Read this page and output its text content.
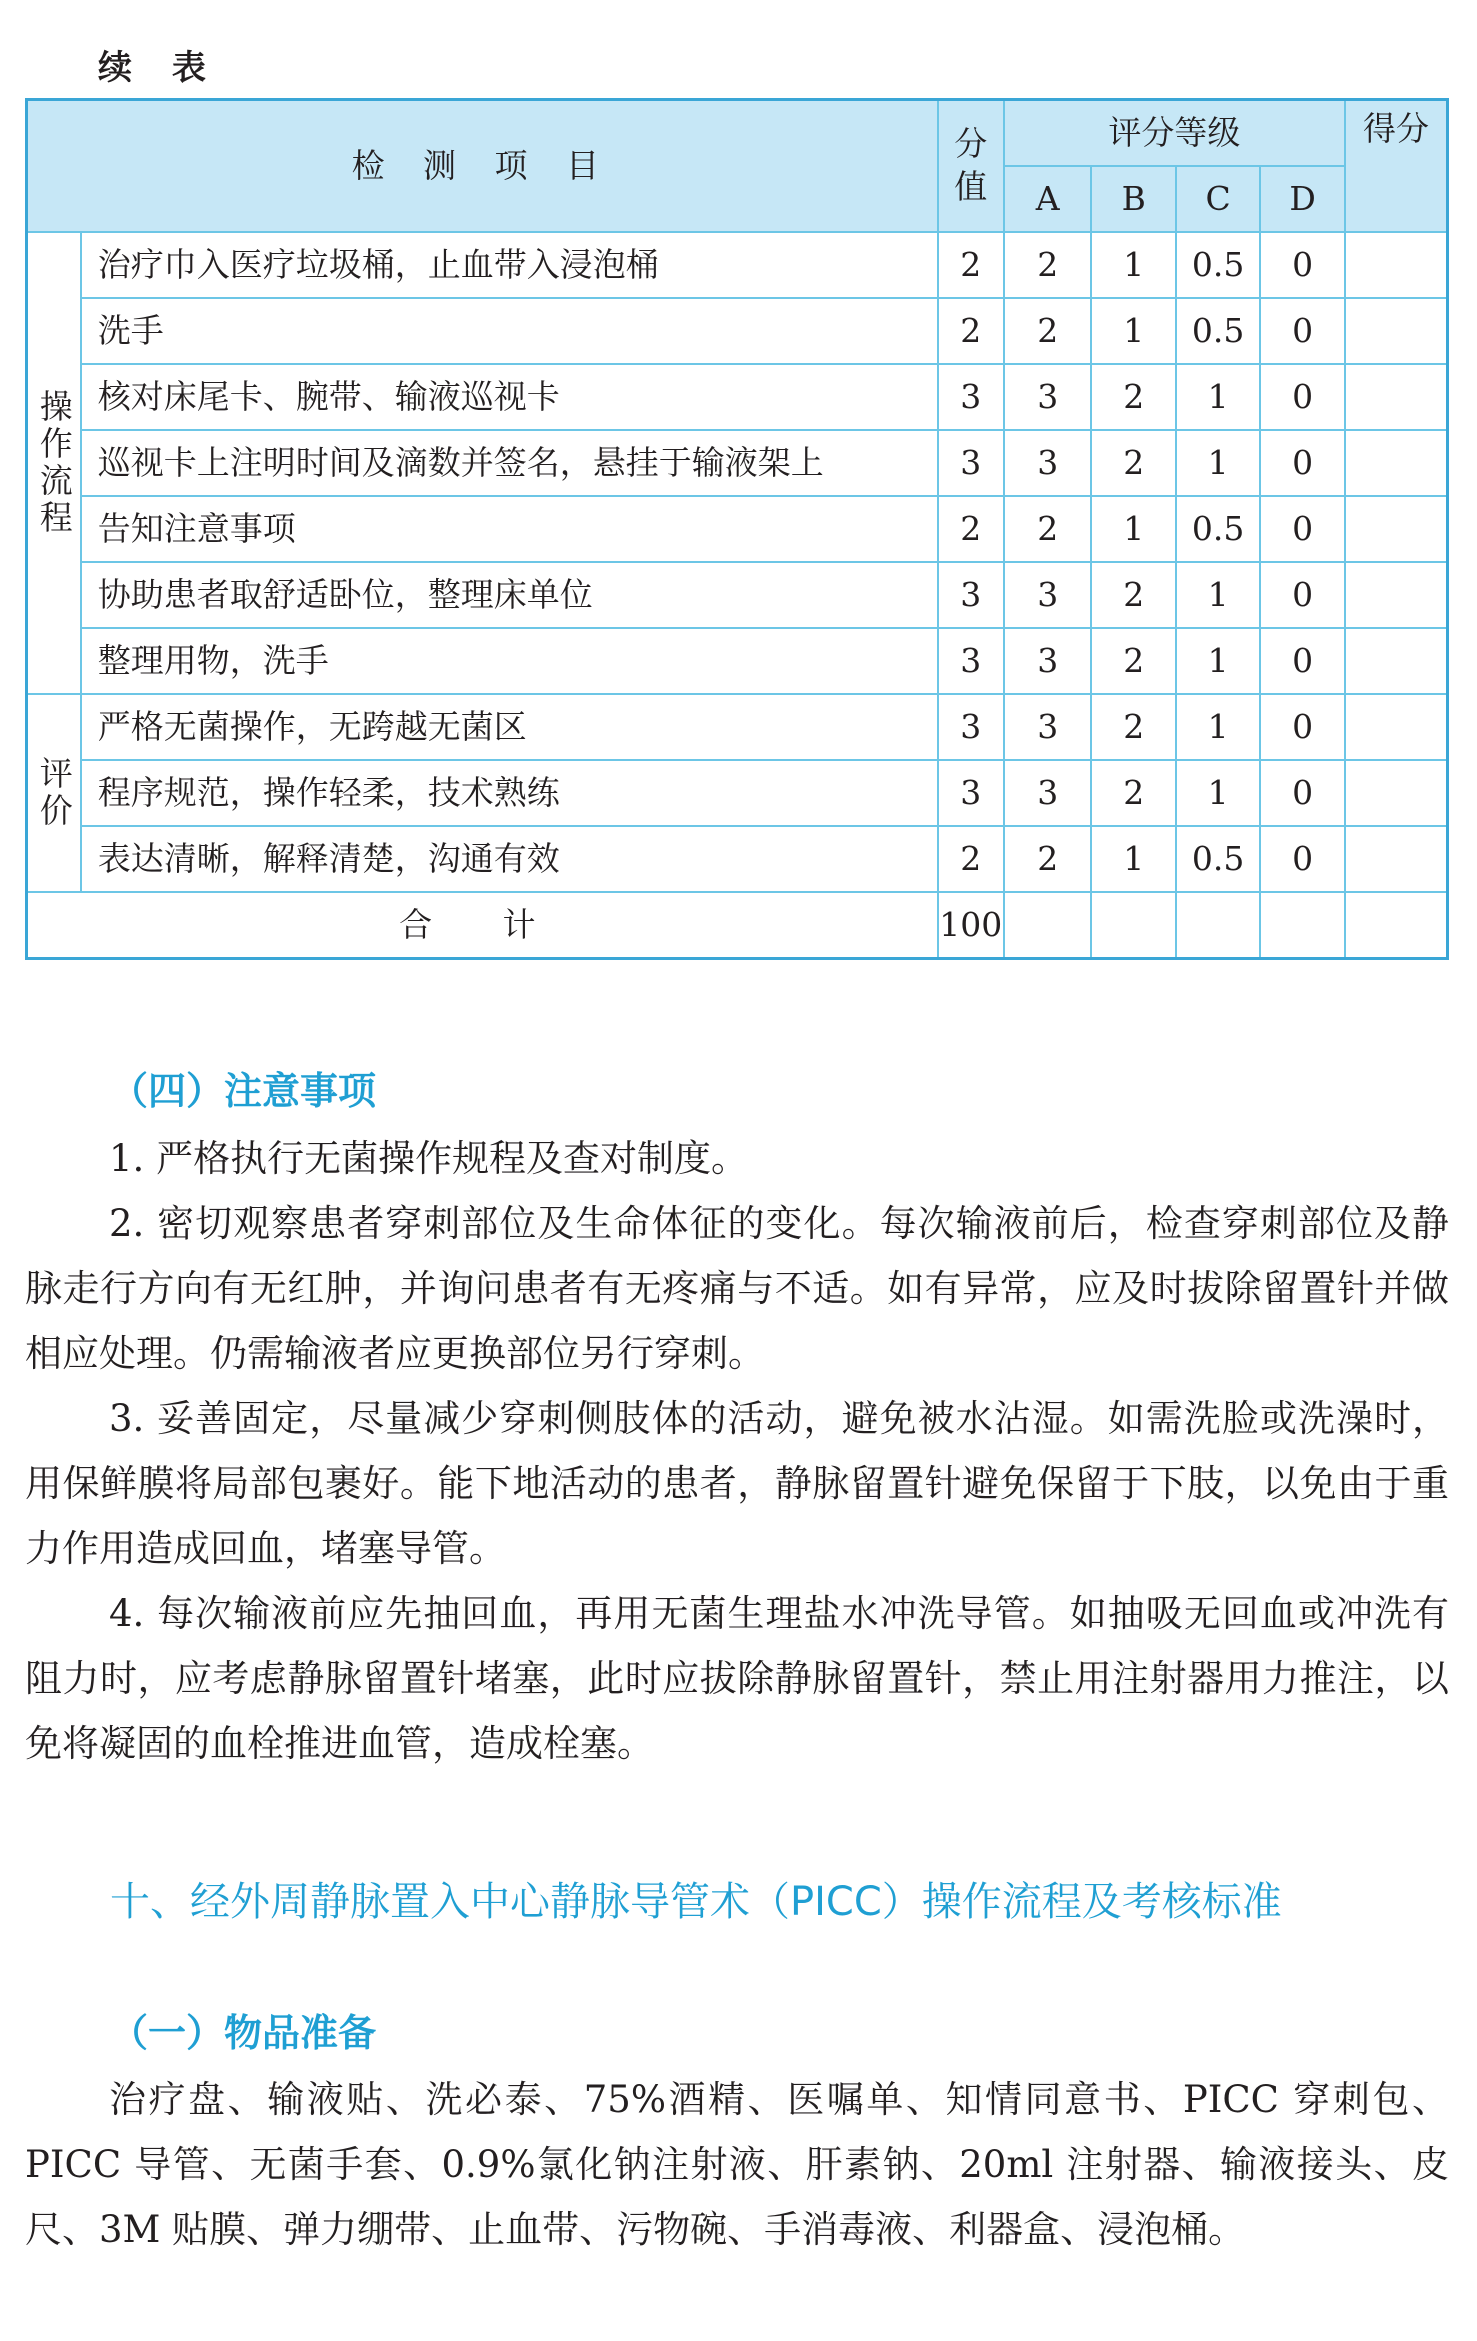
续 表
检 测 项 目		分 值	评分等级				得分
			A	B	C	D	
操作流程	治疗巾入医疗垃圾桶，止血带入浸泡桶	2	2	1	0.5	0	
	洗手	2	2	1	0.5	0	
	核对床尾卡、腕带、输液巡视卡	3	3	2	1	0	
	巡视卡上注明时间及滴数并签名，悬挂于输液架上	3	3	2	1	0	
	告知注意事项	2	2	1	0.5	0	
	协助患者取舒适卧位，整理床单位	3	3	2	1	0	
	整理用物，洗手	3	3	2	1	0	
评价	严格无菌操作，无跨越无菌区	3	3	2	1	0	
	程序规范，操作轻柔，技术熟练	3	3	2	1	0	
	表达清晰，解释清楚，沟通有效	2	2	1	0.5	0	
合 计		100					
（四）注意事项

1. 严格执行无菌操作规程及查对制度。

2. 密切观察患者穿刺部位及生命体征的变化。每次输液前后，检查穿刺部位及静脉走行方向有无红肿，并询问患者有无疼痛与不适。如有异常，应及时拔除留置针并做相应处理。仍需输液者应更换部位另行穿刺。

3. 妥善固定，尽量减少穿刺侧肢体的活动，避免被水沾湿。如需洗脸或洗澡时，用保鲜膜将局部包裹好。能下地活动的患者，静脉留置针避免保留于下肢，以免由于重力作用造成回血，堵塞导管。

4. 每次输液前应先抽回血，再用无菌生理盐水冲洗导管。如抽吸无回血或冲洗有阻力时，应考虑静脉留置针堵塞，此时应拔除静脉留置针，禁止用注射器用力推注，以免将凝固的血栓推进血管，造成栓塞。

十、经外周静脉置入中心静脉导管术（PICC）操作流程及考核标准
（一）物品准备

治疗盘、输液贴、洗必泰、75%酒精、医嘱单、知情同意书、PICC 穿刺包、PICC 导管、无菌手套、0.9%氯化钠注射液、肝素钠、20ml 注射器、输液接头、皮尺、3M 贴膜、弹力绷带、止血带、污物碗、手消毒液、利器盒、浸泡桶。
